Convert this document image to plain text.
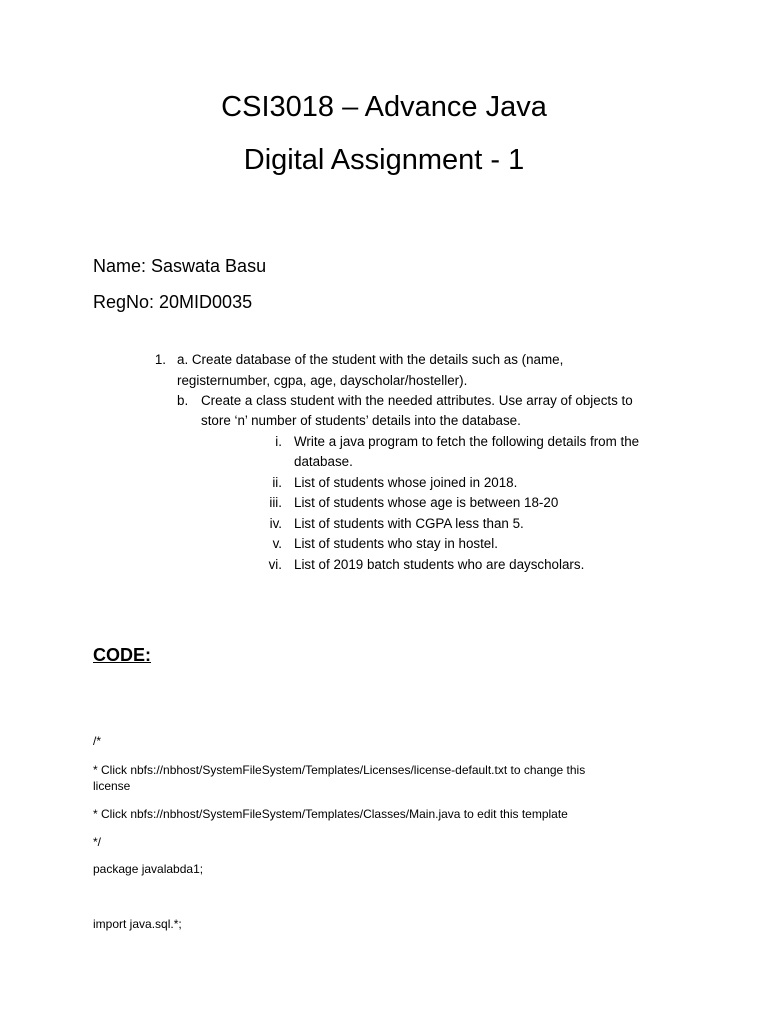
CSI3018 – Advance Java
Digital Assignment - 1
Name: Saswata Basu
RegNo: 20MID0035
1. a. Create database of the student with the details such as (name,
registernumber, cgpa, age, dayscholar/hosteller).
b. Create a class student with the needed attributes. Use array of objects to
store ‘n’ number of students’ details into the database.
i. Write a java program to fetch the following details from the
database.
ii. List of students whose joined in 2018.
iii. List of students whose age is between 18-20
iv. List of students with CGPA less than 5.
v. List of students who stay in hostel.
vi. List of 2019 batch students who are dayscholars.
CODE:
/*
* Click nbfs://nbhost/SystemFileSystem/Templates/Licenses/license-default.txt to change this
license
* Click nbfs://nbhost/SystemFileSystem/Templates/Classes/Main.java to edit this template
*/
package javalabda1;
import java.sql.*;
